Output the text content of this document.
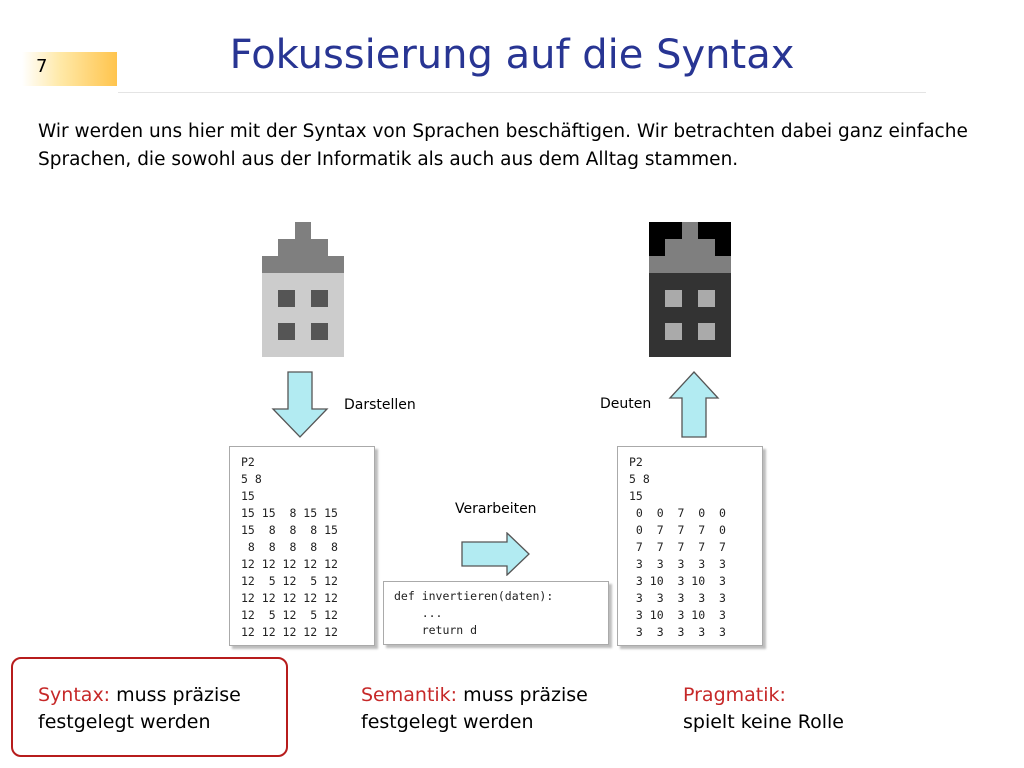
7	Fokussierung auf die Syntax

Wir werden uns hier mit der Syntax von Sprachen beschäftigen. Wir betrachten dabei ganz einfache Sprachen, die sowohl aus der Informatik als auch aus dem Alltag stammen.

Darstellen	Deuten
Verarbeiten
P2
5 8
15
15 15  8 15 15
15  8  8  8 15
8  8  8  8  8
12 12 12 12 12
12  5 12  5 12
12 12 12 12 12
12  5 12  5 12
12 12 12 12 12
P2
5 8
15
0  0  7  0  0
0  7  7  7  0
7  7  7  7  7
3  3  3  3  3
3 10  3 10  3
3  3  3  3  3
3 10  3 10  3
3  3  3  3  3
def invertieren(daten):
...
return d
Syntax: muss präzise
festgelegt werden
Semantik: muss präzise
festgelegt werden
Pragmatik:
spielt keine Rolle
